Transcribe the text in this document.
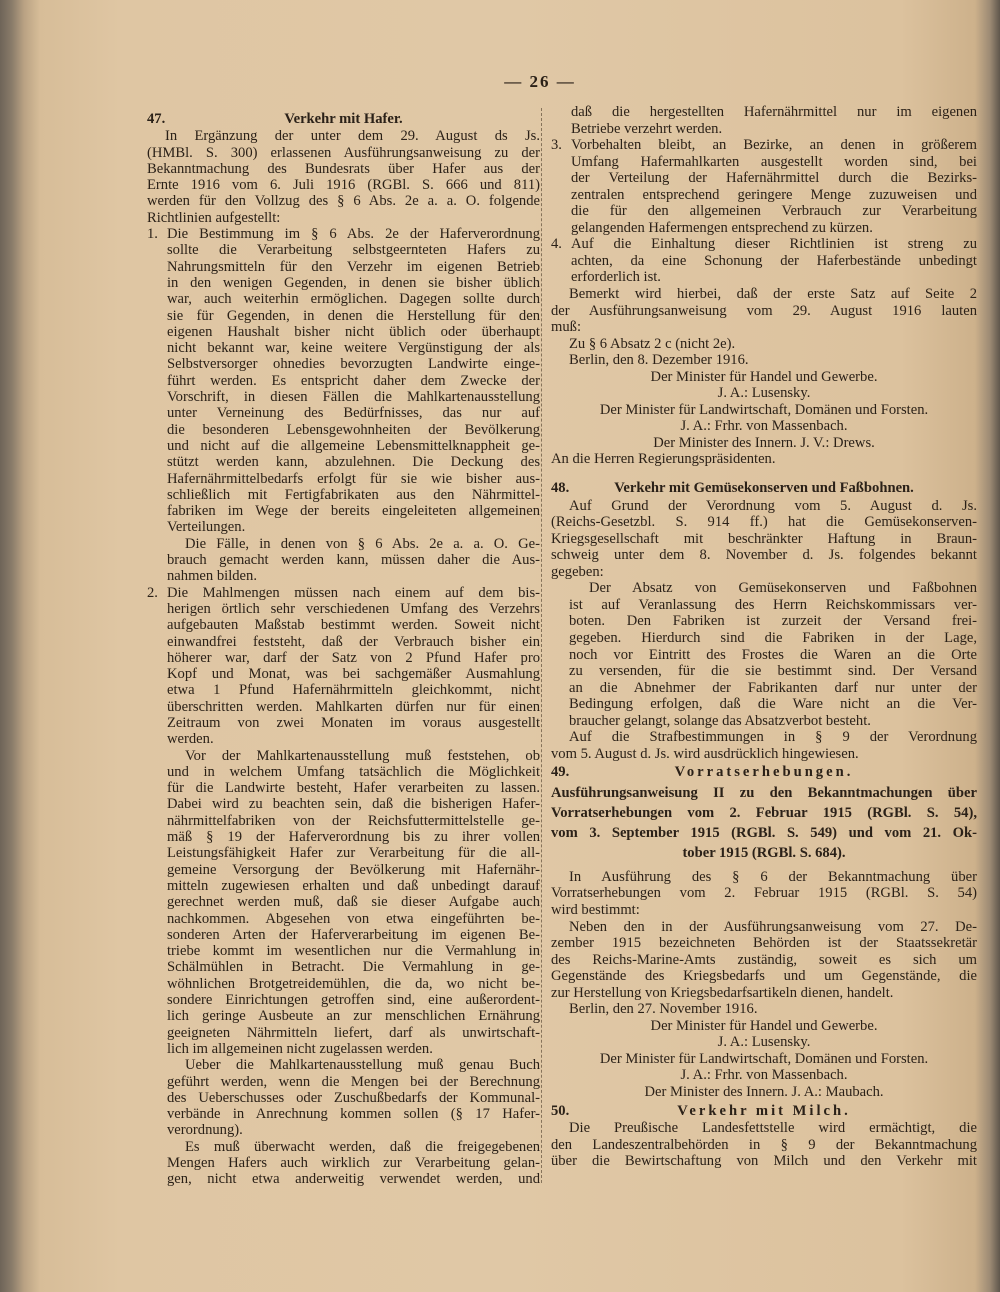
— 26 —
47.	Verkehr mit Hafer.
In Ergänzung der unter dem 29. August ds Js.
(HMBl. S. 300) erlassenen Ausführungsanweisung zu der
Bekanntmachung des Bundesrats über Hafer aus der
Ernte 1916 vom 6. Juli 1916 (RGBl. S. 666 und 811)
werden für den Vollzug des § 6 Abs. 2e a. a. O. folgende
Richtlinien aufgestellt:
1. Die Bestimmung im § 6 Abs. 2e der Haferverordnung
sollte die Verarbeitung selbstgeernteten Hafers zu
Nahrungsmitteln für den Verzehr im eigenen Betrieb
in den wenigen Gegenden, in denen sie bisher üblich
war, auch weiterhin ermöglichen. Dagegen sollte durch
sie für Gegenden, in denen die Herstellung für den
eigenen Haushalt bisher nicht üblich oder überhaupt
nicht bekannt war, keine weitere Vergünstigung der als
Selbstversorger ohnedies bevorzugten Landwirte einge-
führt werden. Es entspricht daher dem Zwecke der
Vorschrift, in diesen Fällen die Mahlkartenausstellung
unter Verneinung des Bedürfnisses, das nur auf
die besonderen Lebensgewohnheiten der Bevölkerung
und nicht auf die allgemeine Lebensmittelknappheit ge-
stützt werden kann, abzulehnen. Die Deckung des
Hafernährmittelbedarfs erfolgt für sie wie bisher aus-
schließlich mit Fertigfabrikaten aus den Nährmittel-
fabriken im Wege der bereits eingeleiteten allgemeinen
Verteilungen.
Die Fälle, in denen von § 6 Abs. 2e a. a. O. Ge-
brauch gemacht werden kann, müssen daher die Aus-
nahmen bilden.
2. Die Mahlmengen müssen nach einem auf dem bis-
herigen örtlich sehr verschiedenen Umfang des Verzehrs
aufgebauten Maßstab bestimmt werden. Soweit nicht
einwandfrei feststeht, daß der Verbrauch bisher ein
höherer war, darf der Satz von 2 Pfund Hafer pro
Kopf und Monat, was bei sachgemäßer Ausmahlung
etwa 1 Pfund Hafernährmitteln gleichkommt, nicht
überschritten werden. Mahlkarten dürfen nur für einen
Zeitraum von zwei Monaten im voraus ausgestellt
werden.
Vor der Mahlkartenausstellung muß feststehen, ob
und in welchem Umfang tatsächlich die Möglichkeit
für die Landwirte besteht, Hafer verarbeiten zu lassen.
Dabei wird zu beachten sein, daß die bisherigen Hafer-
nährmittelfabriken von der Reichsfuttermittelstelle ge-
mäß § 19 der Haferverordnung bis zu ihrer vollen
Leistungsfähigkeit Hafer zur Verarbeitung für die all-
gemeine Versorgung der Bevölkerung mit Hafernähr-
mitteln zugewiesen erhalten und daß unbedingt darauf
gerechnet werden muß, daß sie dieser Aufgabe auch
nachkommen. Abgesehen von etwa eingeführten be-
sonderen Arten der Haferverarbeitung im eigenen Be-
triebe kommt im wesentlichen nur die Vermahlung in
Schälmühlen in Betracht. Die Vermahlung in ge-
wöhnlichen Brotgetreidemühlen, die da, wo nicht be-
sondere Einrichtungen getroffen sind, eine außerordent-
lich geringe Ausbeute an zur menschlichen Ernährung
geeigneten Nährmitteln liefert, darf als unwirtschaft-
lich im allgemeinen nicht zugelassen werden.
Ueber die Mahlkartenausstellung muß genau Buch
geführt werden, wenn die Mengen bei der Berechnung
des Ueberschusses oder Zuschußbedarfs der Kommunal-
verbände in Anrechnung kommen sollen (§ 17 Hafer-
verordnung).
Es muß überwacht werden, daß die freigegebenen
Mengen Hafers auch wirklich zur Verarbeitung gelan-
gen, nicht etwa anderweitig verwendet werden, und
daß die hergestellten Hafernährmittel nur im eigenen
Betriebe verzehrt werden.
3. Vorbehalten bleibt, an Bezirke, an denen in größerem
Umfang Hafermahlkarten ausgestellt worden sind, bei
der Verteilung der Hafernährmittel durch die Bezirks-
zentralen entsprechend geringere Menge zuzuweisen und
die für den allgemeinen Verbrauch zur Verarbeitung
gelangenden Hafermengen entsprechend zu kürzen.
4. Auf die Einhaltung dieser Richtlinien ist streng zu
achten, da eine Schonung der Haferbestände unbedingt
erforderlich ist.
Bemerkt wird hierbei, daß der erste Satz auf Seite 2
der Ausführungsanweisung vom 29. August 1916 lauten
muß:
Zu § 6 Absatz 2 c (nicht 2e).
Berlin, den 8. Dezember 1916.
Der Minister für Handel und Gewerbe.
J. A.: Lusensky.
Der Minister für Landwirtschaft, Domänen und Forsten.
J. A.: Frhr. von Massenbach.
Der Minister des Innern. J. V.: Drews.
An die Herren Regierungspräsidenten.
48.	Verkehr mit Gemüsekonserven und Faßbohnen.
Auf Grund der Verordnung vom 5. August d. Js.
(Reichs-Gesetzbl. S. 914 ff.) hat die Gemüsekonserven-
Kriegsgesellschaft mit beschränkter Haftung in Braun-
schweig unter dem 8. November d. Js. folgendes bekannt
gegeben:
Der Absatz von Gemüsekonserven und Faßbohnen
ist auf Veranlassung des Herrn Reichskommissars ver-
boten. Den Fabriken ist zurzeit der Versand frei-
gegeben. Hierdurch sind die Fabriken in der Lage,
noch vor Eintritt des Frostes die Waren an die Orte
zu versenden, für die sie bestimmt sind. Der Versand
an die Abnehmer der Fabrikanten darf nur unter der
Bedingung erfolgen, daß die Ware nicht an die Ver-
braucher gelangt, solange das Absatzverbot besteht.
Auf die Strafbestimmungen in § 9 der Verordnung
vom 5. August d. Js. wird ausdrücklich hingewiesen.
49.	Vorratserhebungen.
Ausführungsanweisung II zu den Bekanntmachungen über
Vorratserhebungen vom 2. Februar 1915 (RGBl. S. 54),
vom 3. September 1915 (RGBl. S. 549) und vom 21. Ok-
tober 1915 (RGBl. S. 684).
In Ausführung des § 6 der Bekanntmachung über
Vorratserhebungen vom 2. Februar 1915 (RGBl. S. 54)
wird bestimmt:
Neben den in der Ausführungsanweisung vom 27. De-
zember 1915 bezeichneten Behörden ist der Staatssekretär
des Reichs-Marine-Amts zuständig, soweit es sich um
Gegenstände des Kriegsbedarfs und um Gegenstände, die
zur Herstellung von Kriegsbedarfsartikeln dienen, handelt.
Berlin, den 27. November 1916.
Der Minister für Handel und Gewerbe.
J. A.: Lusensky.
Der Minister für Landwirtschaft, Domänen und Forsten.
J. A.: Frhr. von Massenbach.
Der Minister des Innern. J. A.: Maubach.
50.	Verkehr mit Milch.
Die Preußische Landesfettstelle wird ermächtigt, die
den Landeszentralbehörden in § 9 der Bekanntmachung
über die Bewirtschaftung von Milch und den Verkehr mit
